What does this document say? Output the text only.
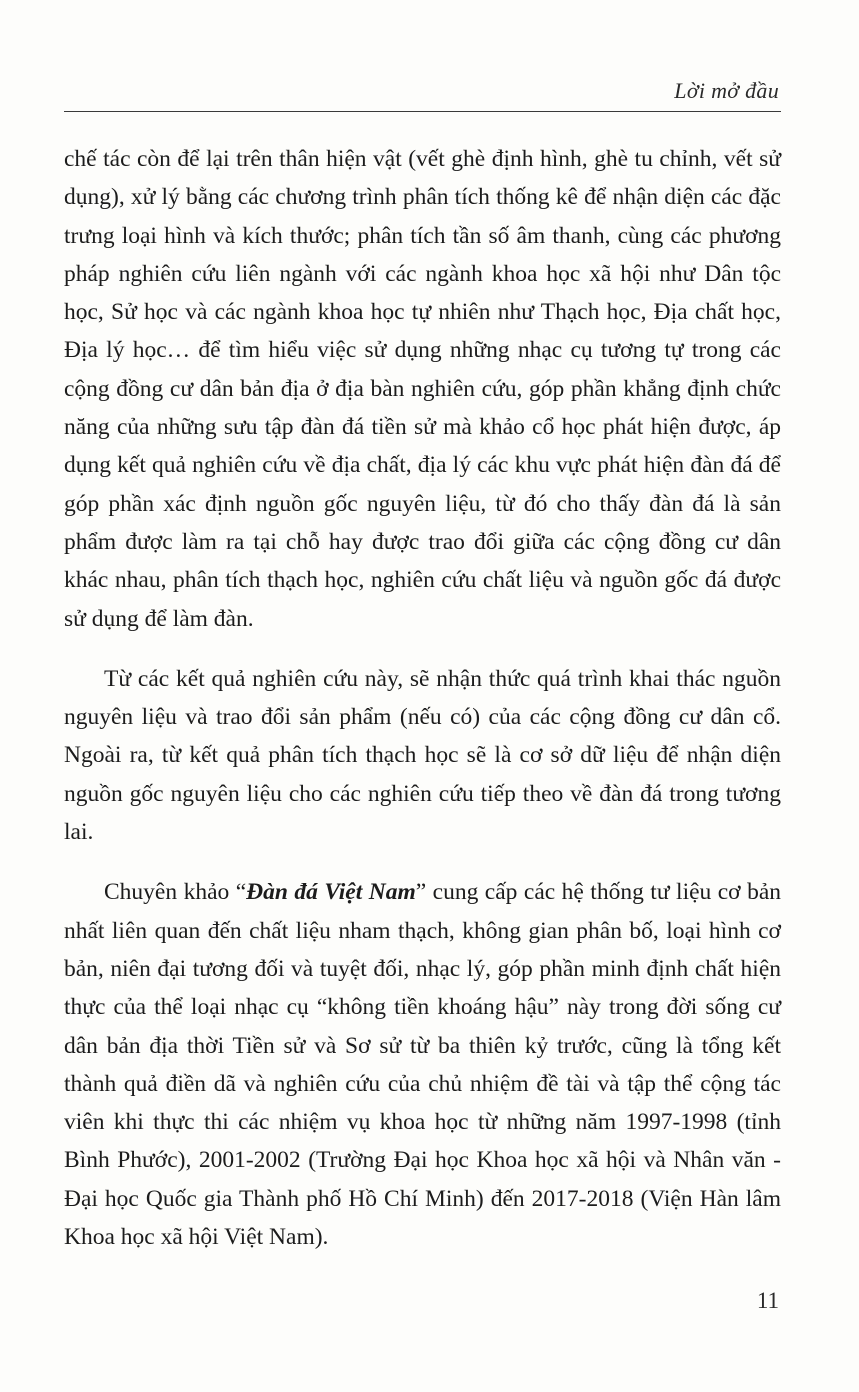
Lời mở đầu

chế tác còn để lại trên thân hiện vật (vết ghè định hình, ghè tu chỉnh, vết sử dụng), xử lý bằng các chương trình phân tích thống kê để nhận diện các đặc trưng loại hình và kích thước; phân tích tần số âm thanh, cùng các phương pháp nghiên cứu liên ngành với các ngành khoa học xã hội như Dân tộc học, Sử học và các ngành khoa học tự nhiên như Thạch học, Địa chất học, Địa lý học… để tìm hiểu việc sử dụng những nhạc cụ tương tự trong các cộng đồng cư dân bản địa ở địa bàn nghiên cứu, góp phần khẳng định chức năng của những sưu tập đàn đá tiền sử mà khảo cổ học phát hiện được, áp dụng kết quả nghiên cứu về địa chất, địa lý các khu vực phát hiện đàn đá để góp phần xác định nguồn gốc nguyên liệu, từ đó cho thấy đàn đá là sản phẩm được làm ra tại chỗ hay được trao đổi giữa các cộng đồng cư dân khác nhau, phân tích thạch học, nghiên cứu chất liệu và nguồn gốc đá được sử dụng để làm đàn.

Từ các kết quả nghiên cứu này, sẽ nhận thức quá trình khai thác nguồn nguyên liệu và trao đổi sản phẩm (nếu có) của các cộng đồng cư dân cổ. Ngoài ra, từ kết quả phân tích thạch học sẽ là cơ sở dữ liệu để nhận diện nguồn gốc nguyên liệu cho các nghiên cứu tiếp theo về đàn đá trong tương lai.

Chuyên khảo “Đàn đá Việt Nam” cung cấp các hệ thống tư liệu cơ bản nhất liên quan đến chất liệu nham thạch, không gian phân bố, loại hình cơ bản, niên đại tương đối và tuyệt đối, nhạc lý, góp phần minh định chất hiện thực của thể loại nhạc cụ “không tiền khoáng hậu” này trong đời sống cư dân bản địa thời Tiền sử và Sơ sử từ ba thiên kỷ trước, cũng là tổng kết thành quả điền dã và nghiên cứu của chủ nhiệm đề tài và tập thể cộng tác viên khi thực thi các nhiệm vụ khoa học từ những năm 1997-1998 (tỉnh Bình Phước), 2001-2002 (Trường Đại học Khoa học xã hội và Nhân văn - Đại học Quốc gia Thành phố Hồ Chí Minh) đến 2017-2018 (Viện Hàn lâm Khoa học xã hội Việt Nam).

11
